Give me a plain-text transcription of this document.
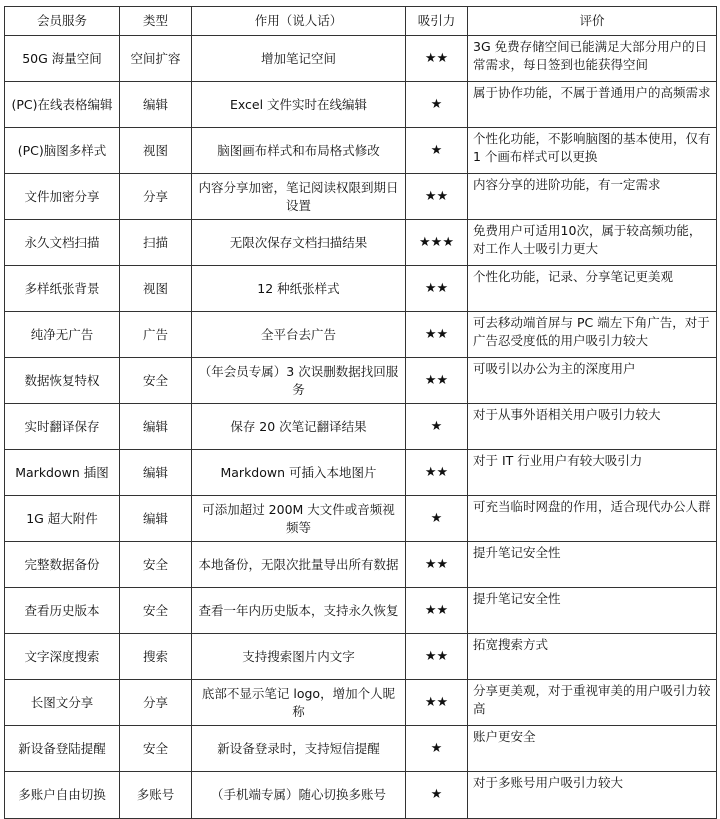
会员服务	类型	作用（说人话）	吸引力	评价
50G 海量空间	空间扩容	增加笔记空间	★★	3G 免费存储空间已能满足大部分用户的日常需求，每日签到也能获得空间
(PC)在线表格编辑	编辑	Excel 文件实时在线编辑	★	属于协作功能，不属于普通用户的高频需求
(PC)脑图多样式	视图	脑图画布样式和布局格式修改	★	个性化功能，不影响脑图的基本使用，仅有 1 个画布样式可以更换
文件加密分享	分享	内容分享加密，笔记阅读权限到期日设置	★★	内容分享的进阶功能，有一定需求
永久文档扫描	扫描	无限次保存文档扫描结果	★★★	免费用户可适用10次，属于较高频功能，对工作人士吸引力更大
多样纸张背景	视图	12 种纸张样式	★★	个性化功能，记录、分享笔记更美观
纯净无广告	广告	全平台去广告	★★	可去移动端首屏与 PC 端左下角广告，对于广告忍受度低的用户吸引力较大
数据恢复特权	安全	（年会员专属）3 次误删数据找回服务	★★	可吸引以办公为主的深度用户
实时翻译保存	编辑	保存 20 次笔记翻译结果	★	对于从事外语相关用户吸引力较大
Markdown 插图	编辑	Markdown 可插入本地图片	★★	对于 IT 行业用户有较大吸引力
1G 超大附件	编辑	可添加超过 200M 大文件或音频视频等	★	可充当临时网盘的作用，适合现代办公人群
完整数据备份	安全	本地备份，无限次批量导出所有数据	★★	提升笔记安全性
查看历史版本	安全	查看一年内历史版本，支持永久恢复	★★	提升笔记安全性
文字深度搜索	搜索	支持搜索图片内文字	★★	拓宽搜索方式
长图文分享	分享	底部不显示笔记 logo，增加个人昵称	★★	分享更美观，对于重视审美的用户吸引力较高
新设备登陆提醒	安全	新设备登录时，支持短信提醒	★	账户更安全
多账户自由切换	多账号	（手机端专属）随心切换多账号	★	对于多账号用户吸引力较大
